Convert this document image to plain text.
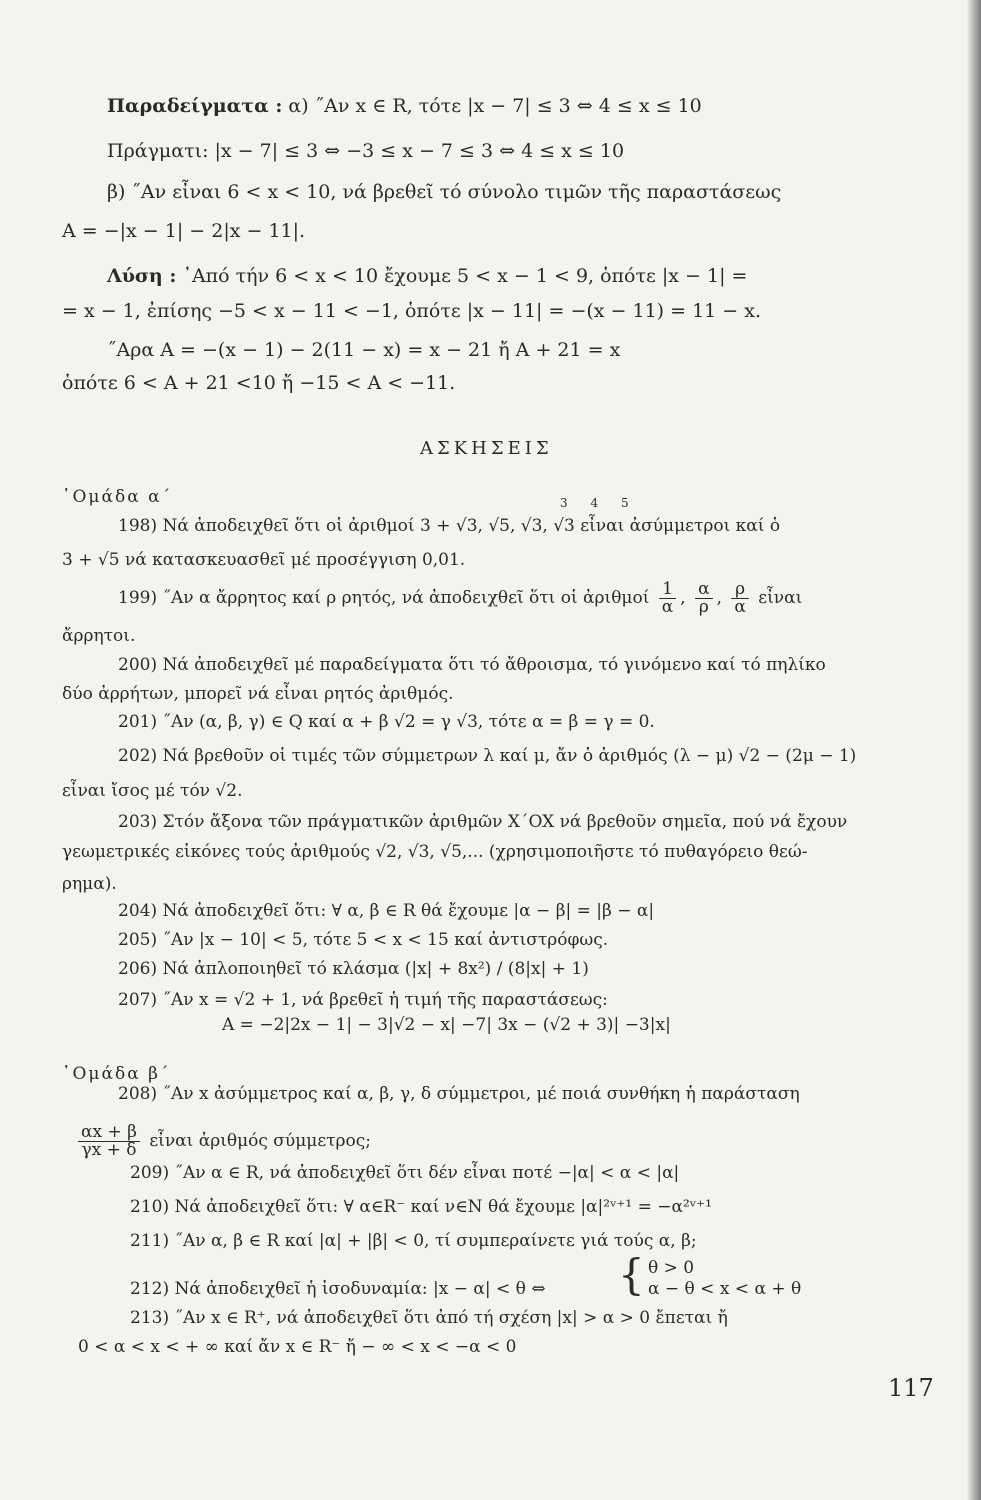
Παραδείγματα : α) ˝Αν x ∈ R, τότε |x − 7| ≤ 3 ⇔ 4 ≤ x ≤ 10
Πράγματι: |x − 7| ≤ 3 ⇔ −3 ≤ x − 7 ≤ 3 ⇔ 4 ≤ x ≤ 10
β) ˝Αν εἶναι 6 < x < 10, νά βρεθεῖ τό σύνολο τιμῶν τῆς παραστάσεως
A = −|x − 1| − 2|x − 11|.
Λύση : ᾽Από τήν 6 < x < 10 ἔχουμε 5 < x − 1 < 9, ὁπότε |x − 1| =
= x − 1, ἐπίσης −5 < x − 11 < −1, ὁπότε |x − 11| = −(x − 11) = 11 − x.
˝Αρα A = −(x − 1) − 2(11 − x) = x − 21 ἤ A + 21 = x
ὁπότε 6 < A + 21 <10 ἤ −15 < A < −11.
ΑΣΚΗΣΕΙΣ
῾Ομάδα α΄	3      4      5
198) Νά ἀποδειχθεῖ ὅτι οἱ ἀριθμοί 3 + √3, √5, √3, √3 εἶναι ἀσύμμετροι καί ὁ
3 + √5 νά κατασκευασθεῖ μέ προσέγγιση 0,01.
199) ˝Αν α ἄρρητος καί ρ ρητός, νά ἀποδειχθεῖ ὅτι οἱ ἀριθμοί $\frac{1}{\alpha}$ , $\frac{\alpha}{\rho}$ , $\frac{\rho}{\alpha}$ εἶναι
ἄρρητοι.
200) Νά ἀποδειχθεῖ μέ παραδείγματα ὅτι τό ἄθροισμα, τό γινόμενο καί τό πηλίκο
δύο ἀρρήτων, μπορεῖ νά εἶναι ρητός ἀριθμός.
201) ˝Αν (α, β, γ) ∈ Q καί α + β √2 = γ √3, τότε α = β = γ = 0.
202) Νά βρεθοῦν οἱ τιμές τῶν σύμμετρων λ καί μ, ἄν ὁ ἀριθμός (λ − μ) √2 − (2μ − 1)
εἶναι ἴσος μέ τόν √2.
203) Στόν ἄξονα τῶν πράγματικῶν ἀριθμῶν X΄OX νά βρεθοῦν σημεῖα, πού νά ἔχουν
γεωμετρικές εἰκόνες τούς ἀριθμούς √2, √3, √5,... (χρησιμοποιῆστε τό πυθαγόρειο θεώ-
ρημα).
204) Νά ἀποδειχθεῖ ὅτι: ∀ α, β ∈ R θά ἔχουμε |α − β| = |β − α|
205) ˝Αν |x − 10| < 5, τότε 5 < x < 15 καί ἀντιστρόφως.
206) Νά ἀπλοποιηθεῖ τό κλάσμα (|x| + 8x²) / (8|x| + 1)
207) ˝Αν x = √2 + 1, νά βρεθεῖ ἡ τιμή τῆς παραστάσεως:
A = −2|2x − 1| − 3|√2 − x| −7| 3x − (√2 + 3)| −3|x|
῾Ομάδα β΄
208) ˝Αν x ἀσύμμετρος καί α, β, γ, δ σύμμετροι, μέ ποιά συνθήκη ἡ παράσταση
$\frac{\alpha x + \beta}{\gamma x + \delta}$ εἶναι ἀριθμός σύμμετρος;
209) ˝Αν α ∈ R, νά ἀποδειχθεῖ ὅτι δέν εἶναι ποτέ −|α| < α < |α|
210) Νά ἀποδειχθεῖ ὅτι: ∀ α∈R⁻ καί ν∈N θά ἔχουμε |α|²ᵛ⁺¹ = −α²ᵛ⁺¹
211) ˝Αν α, β ∈ R καί |α| + |β| < 0, τί συμπεραίνετε γιά τούς α, β;
212) Νά ἀποδειχθεῖ ἡ ἰσοδυναμία: |x − α| < θ ⇔ { θ > 0
α − θ < x < α + θ
213) ˝Αν x ∈ R⁺, νά ἀποδειχθεῖ ὅτι ἀπό τή σχέση |x| > α > 0 ἔπεται ἤ
0 < α < x < + ∞ καί ἄν x ∈ R⁻ ἤ − ∞ < x < −α < 0
117
